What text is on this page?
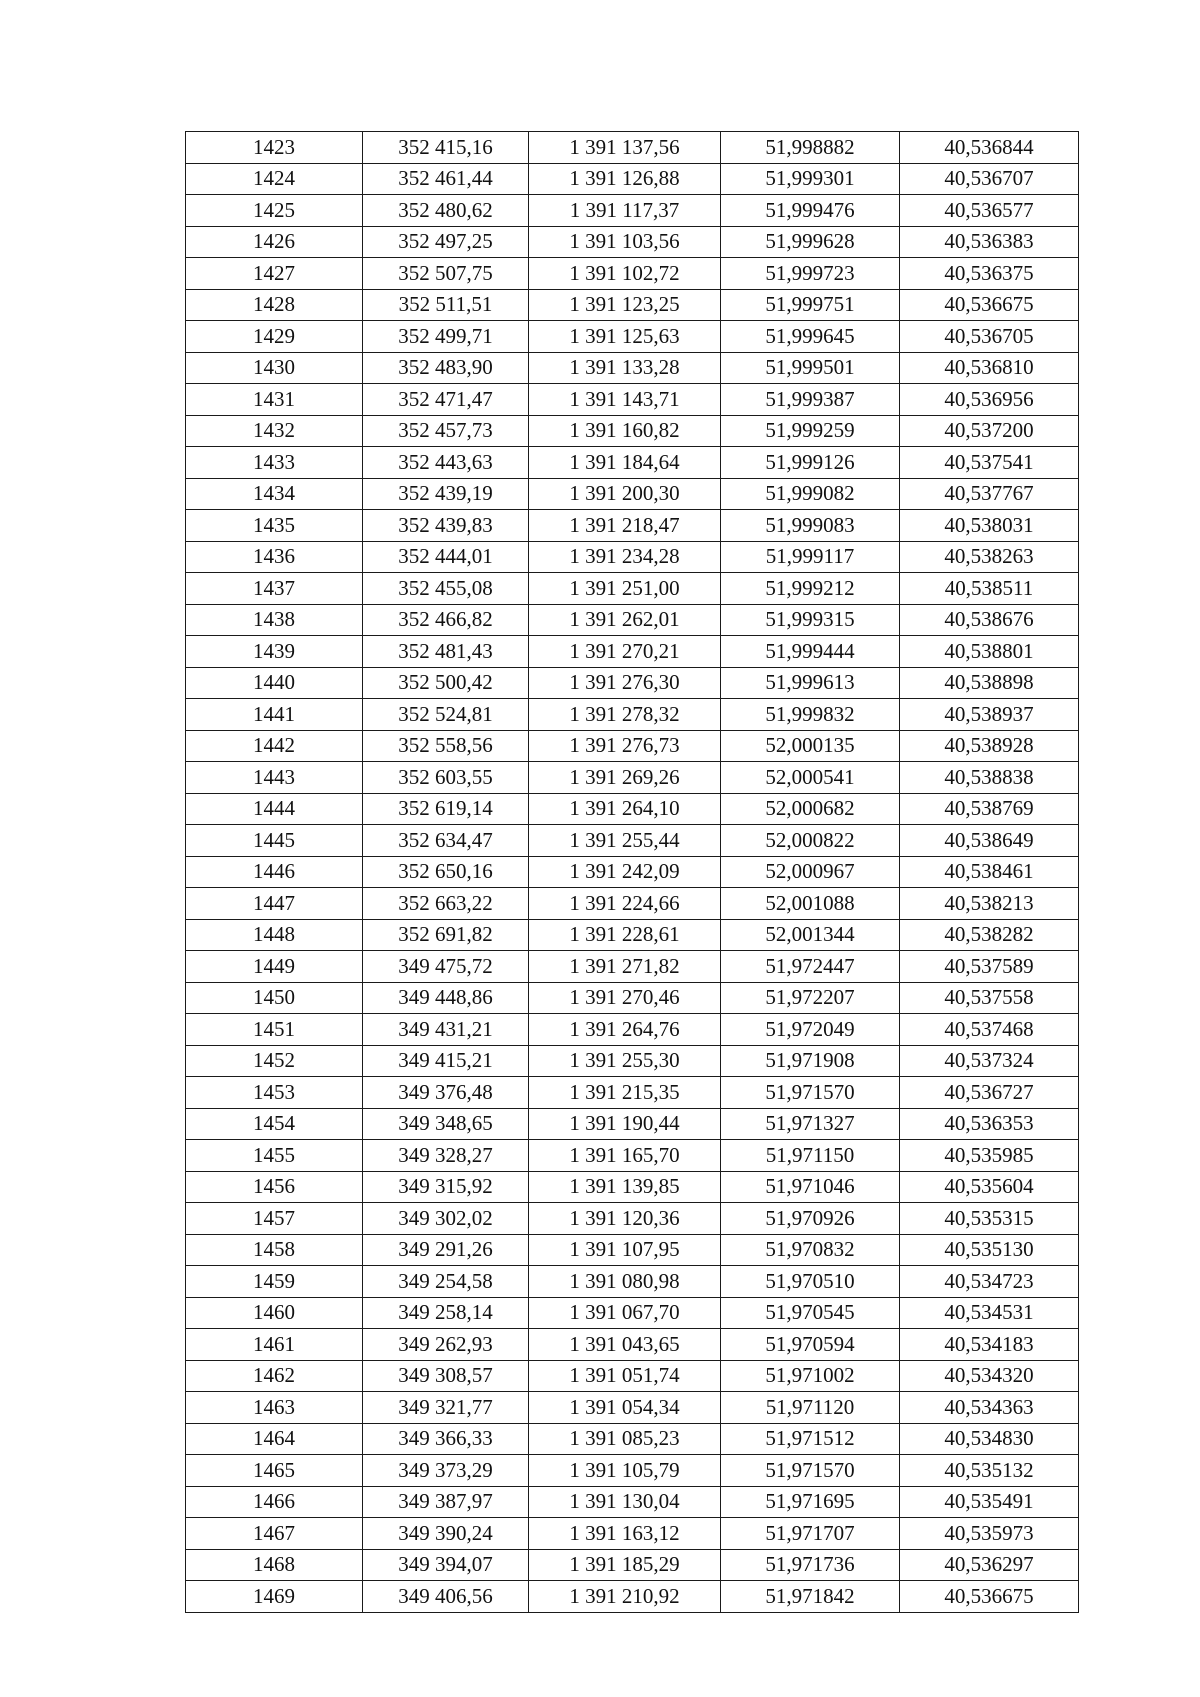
1423	352 415,16	1 391 137,56	51,998882	40,536844
1424	352 461,44	1 391 126,88	51,999301	40,536707
1425	352 480,62	1 391 117,37	51,999476	40,536577
1426	352 497,25	1 391 103,56	51,999628	40,536383
1427	352 507,75	1 391 102,72	51,999723	40,536375
1428	352 511,51	1 391 123,25	51,999751	40,536675
1429	352 499,71	1 391 125,63	51,999645	40,536705
1430	352 483,90	1 391 133,28	51,999501	40,536810
1431	352 471,47	1 391 143,71	51,999387	40,536956
1432	352 457,73	1 391 160,82	51,999259	40,537200
1433	352 443,63	1 391 184,64	51,999126	40,537541
1434	352 439,19	1 391 200,30	51,999082	40,537767
1435	352 439,83	1 391 218,47	51,999083	40,538031
1436	352 444,01	1 391 234,28	51,999117	40,538263
1437	352 455,08	1 391 251,00	51,999212	40,538511
1438	352 466,82	1 391 262,01	51,999315	40,538676
1439	352 481,43	1 391 270,21	51,999444	40,538801
1440	352 500,42	1 391 276,30	51,999613	40,538898
1441	352 524,81	1 391 278,32	51,999832	40,538937
1442	352 558,56	1 391 276,73	52,000135	40,538928
1443	352 603,55	1 391 269,26	52,000541	40,538838
1444	352 619,14	1 391 264,10	52,000682	40,538769
1445	352 634,47	1 391 255,44	52,000822	40,538649
1446	352 650,16	1 391 242,09	52,000967	40,538461
1447	352 663,22	1 391 224,66	52,001088	40,538213
1448	352 691,82	1 391 228,61	52,001344	40,538282
1449	349 475,72	1 391 271,82	51,972447	40,537589
1450	349 448,86	1 391 270,46	51,972207	40,537558
1451	349 431,21	1 391 264,76	51,972049	40,537468
1452	349 415,21	1 391 255,30	51,971908	40,537324
1453	349 376,48	1 391 215,35	51,971570	40,536727
1454	349 348,65	1 391 190,44	51,971327	40,536353
1455	349 328,27	1 391 165,70	51,971150	40,535985
1456	349 315,92	1 391 139,85	51,971046	40,535604
1457	349 302,02	1 391 120,36	51,970926	40,535315
1458	349 291,26	1 391 107,95	51,970832	40,535130
1459	349 254,58	1 391 080,98	51,970510	40,534723
1460	349 258,14	1 391 067,70	51,970545	40,534531
1461	349 262,93	1 391 043,65	51,970594	40,534183
1462	349 308,57	1 391 051,74	51,971002	40,534320
1463	349 321,77	1 391 054,34	51,971120	40,534363
1464	349 366,33	1 391 085,23	51,971512	40,534830
1465	349 373,29	1 391 105,79	51,971570	40,535132
1466	349 387,97	1 391 130,04	51,971695	40,535491
1467	349 390,24	1 391 163,12	51,971707	40,535973
1468	349 394,07	1 391 185,29	51,971736	40,536297
1469	349 406,56	1 391 210,92	51,971842	40,536675
